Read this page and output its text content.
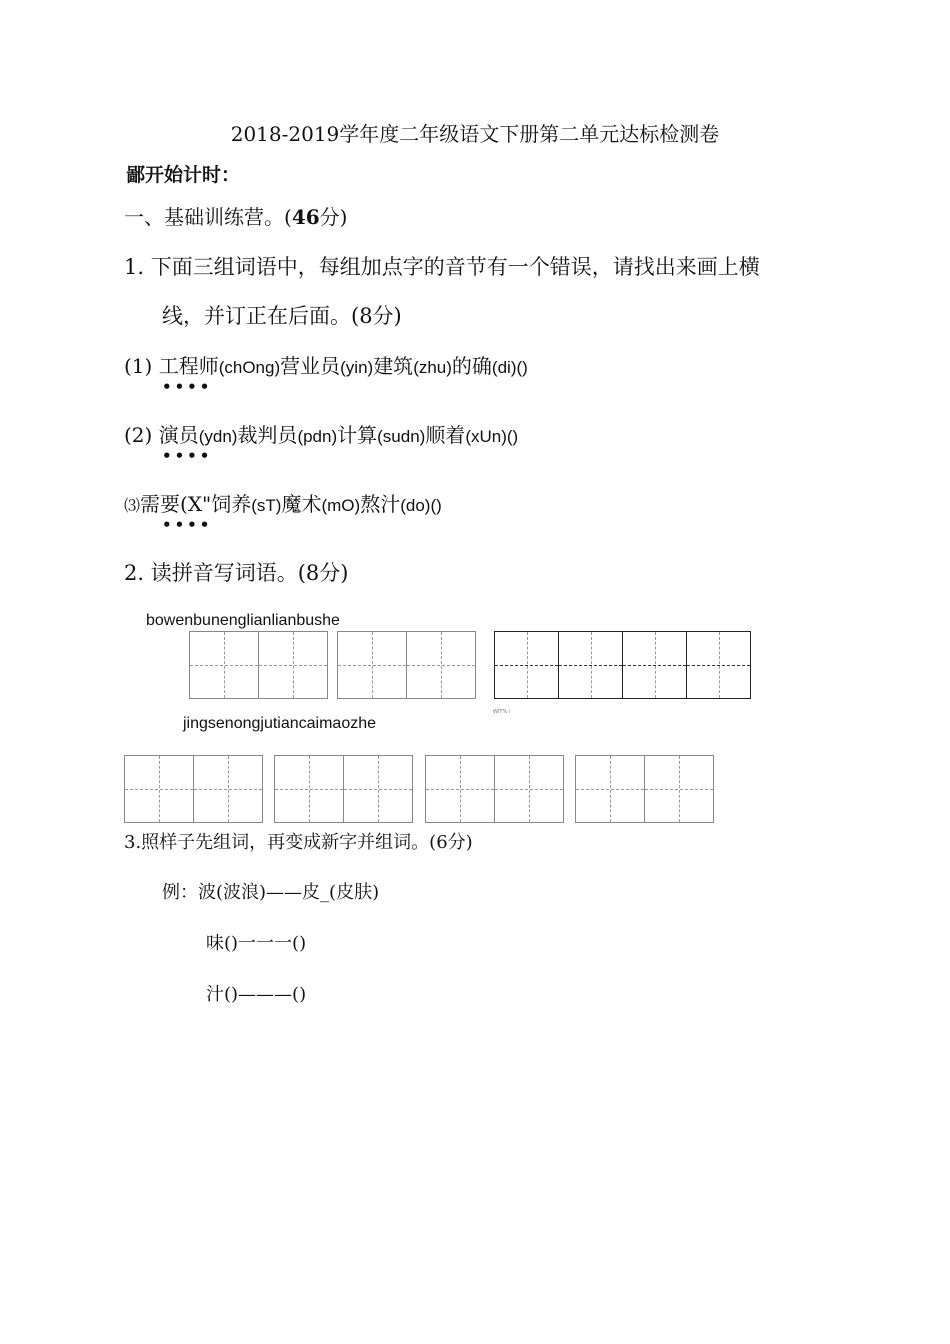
2018-2019学年度二年级语文下册第二单元达标检测卷
鄙开始计时：
一、基础训练营。(46分)
1. 下面三组词语中，每组加点字的音节有一个错误，请找出来画上横
线，并订正在后面。(8分)
(1) 工程师(chOng)营业员(yin)建筑(zhu)的确(di)()
••••
(2) 演员(ydn)裁判员(pdn)计算(sudn)顺着(xUn)()
••••
⑶需要(X"饲养(sT)魔术(mO)熬汁(do)()
••••
2. 读拼音写词语。(8分)
bowenbunenglianlianbushe
WIT% i
jingsenongjutiancaimaozhe
3.照样子先组词，再变成新字并组词。(6分)
例：波(波浪)——皮_(皮肤)
味()一一一()
汁()———()
